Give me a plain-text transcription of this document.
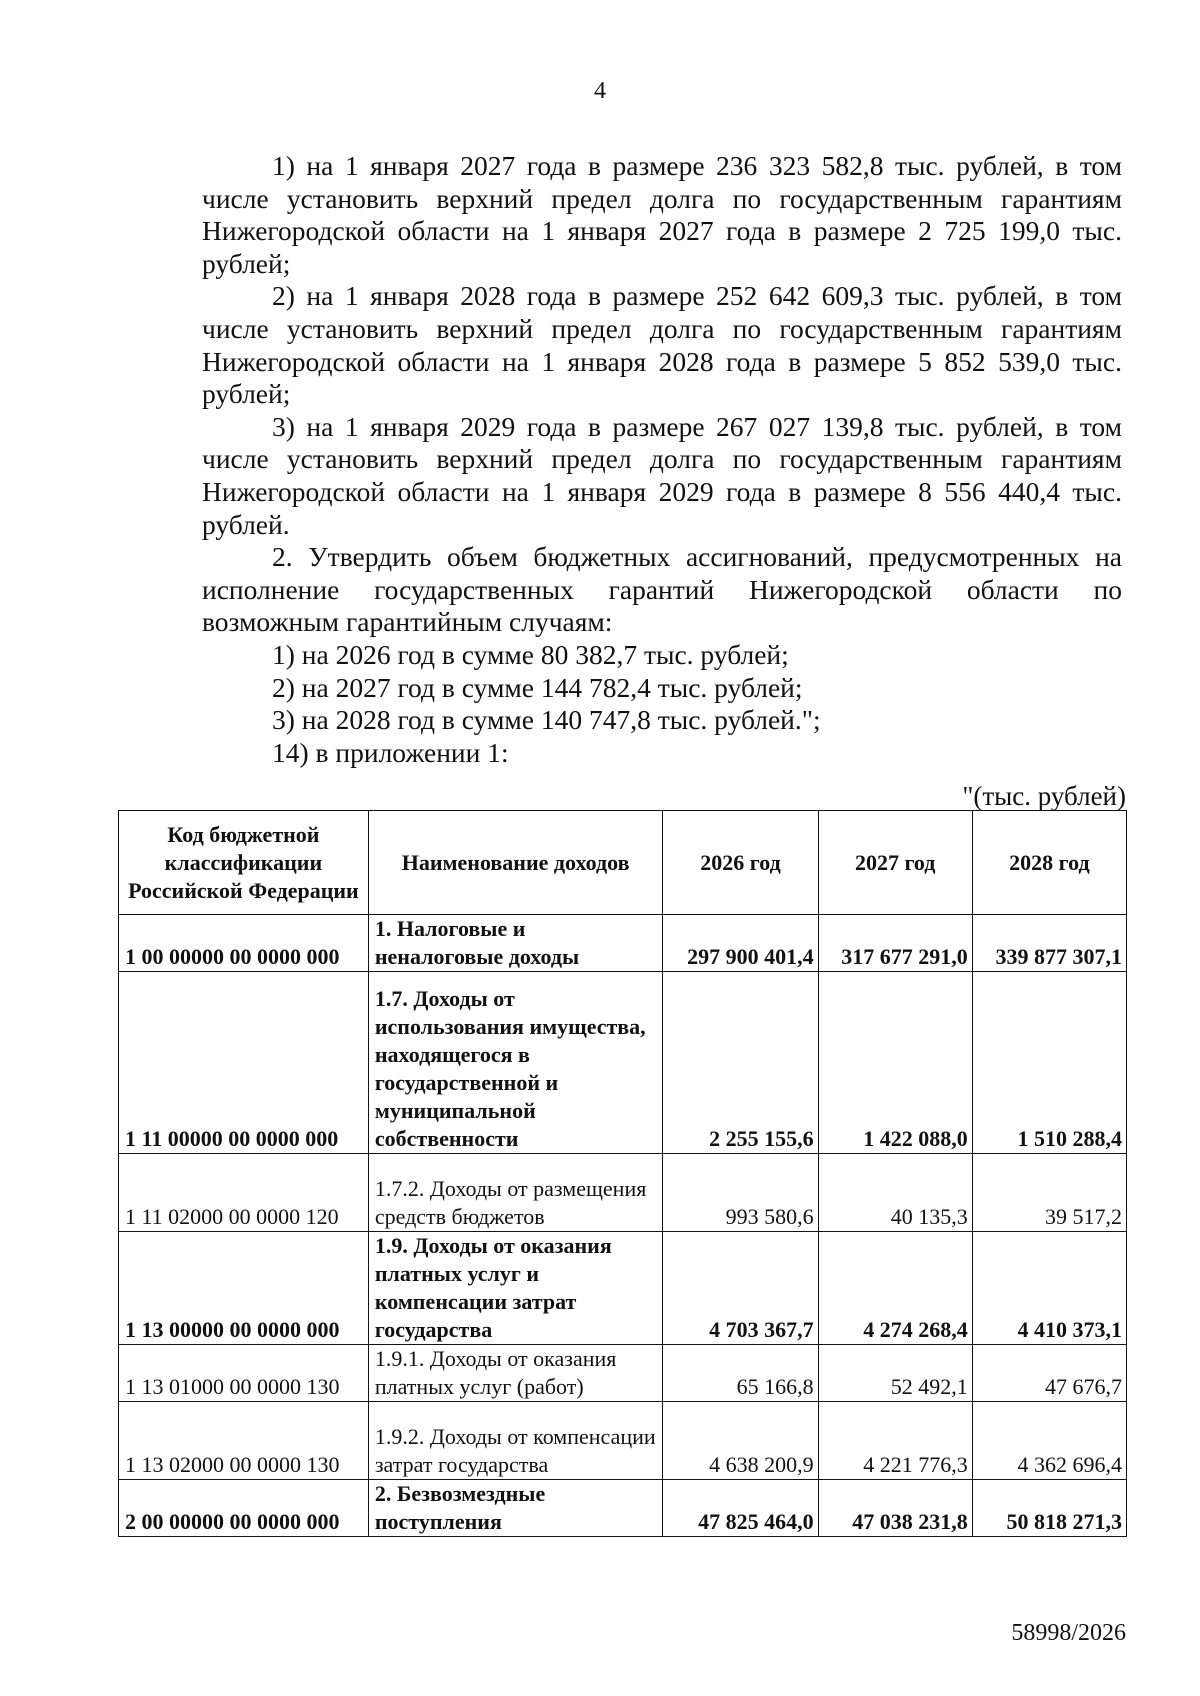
4

1) на 1 января 2027 года в размере 236 323 582,8 тыс. рублей, в том числе установить верхний предел долга по государственным гарантиям Нижегородской области на 1 января 2027 года в размере 2 725 199,0 тыс. рублей;

2) на 1 января 2028 года в размере 252 642 609,3 тыс. рублей, в том числе установить верхний предел долга по государственным гарантиям Нижегородской области на 1 января 2028 года в размере 5 852 539,0 тыс. рублей;

3) на 1 января 2029 года в размере 267 027 139,8 тыс. рублей, в том числе установить верхний предел долга по государственным гарантиям Нижегородской области на 1 января 2029 года в размере 8 556 440,4 тыс. рублей.

2. Утвердить объем бюджетных ассигнований, предусмотренных на исполнение государственных гарантий Нижегородской области по возможным гарантийным случаям:

1) на 2026 год в сумме 80 382,7 тыс. рублей;

2) на 2027 год в сумме 144 782,4 тыс. рублей;

3) на 2028 год в сумме 140 747,8 тыс. рублей.";

14) в приложении 1:

"(тыс. рублей)
Код бюджетной классификации Российской Федерации	Наименование доходов	2026 год	2027 год	2028 год
1 00 00000 00 0000 000	1. Налоговые и неналоговые доходы	297 900 401,4	317 677 291,0	339 877 307,1
1 11 00000 00 0000 000	1.7. Доходы от использования имущества, находящегося в государственной и муниципальной собственности	2 255 155,6	1 422 088,0	1 510 288,4
1 11 02000 00 0000 120	1.7.2. Доходы от размещения средств бюджетов	993 580,6	40 135,3	39 517,2
1 13 00000 00 0000 000	1.9. Доходы от оказания платных услуг и компенсации затрат государства	4 703 367,7	4 274 268,4	4 410 373,1
1 13 01000 00 0000 130	1.9.1. Доходы от оказания платных услуг (работ)	65 166,8	52 492,1	47 676,7
1 13 02000 00 0000 130	1.9.2. Доходы от компенсации затрат государства	4 638 200,9	4 221 776,3	4 362 696,4
2 00 00000 00 0000 000	2. Безвозмездные поступления	47 825 464,0	47 038 231,8	50 818 271,3
58998/2026
